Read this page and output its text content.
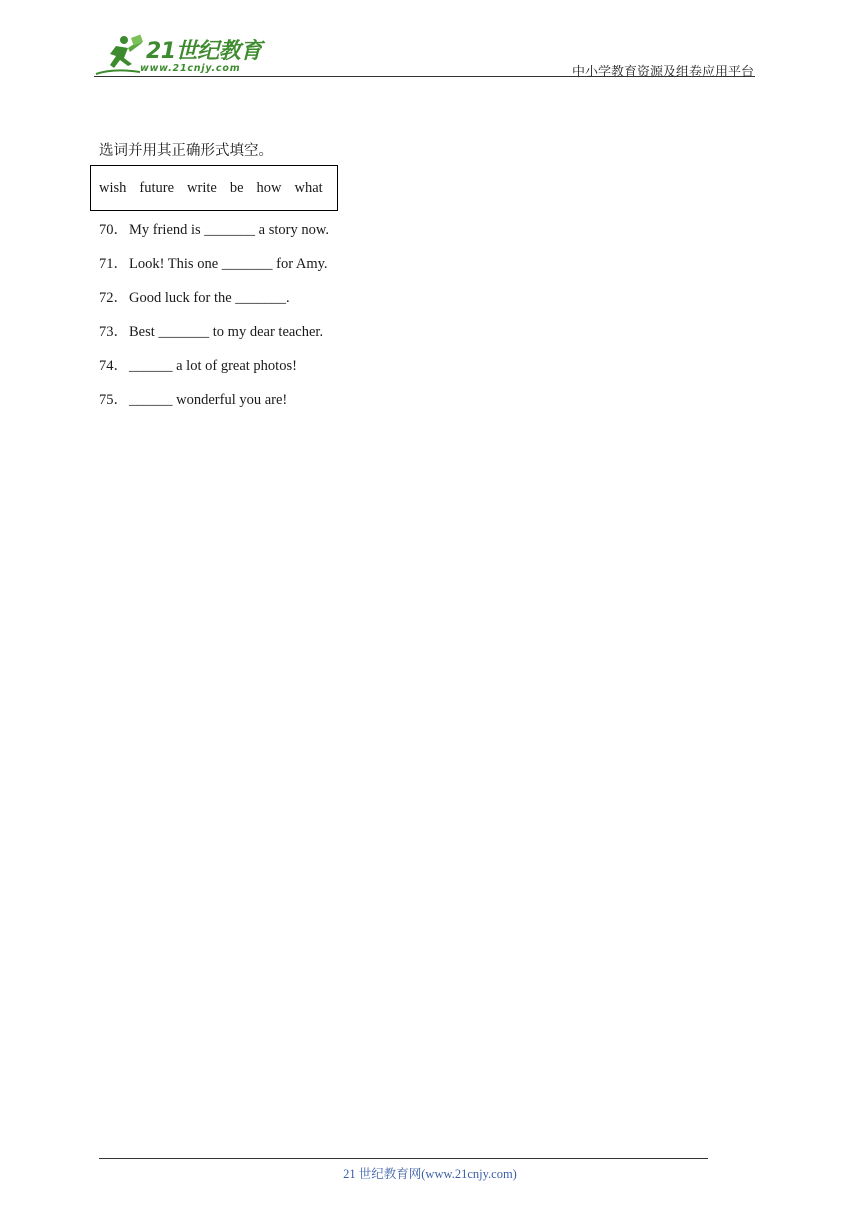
21世纪教育
www.21cnjy.com	中小学教育资源及组卷应用平台
选词并用其正确形式填空。
wish future write be how what
70．My friend is _______ a story now.
71．Look! This one _______ for Amy.
72．Good luck for the _______.
73．Best _______ to my dear teacher.
74．______ a lot of great photos!
75．______ wonderful you are!
21 世纪教育网(www.21cnjy.com)
